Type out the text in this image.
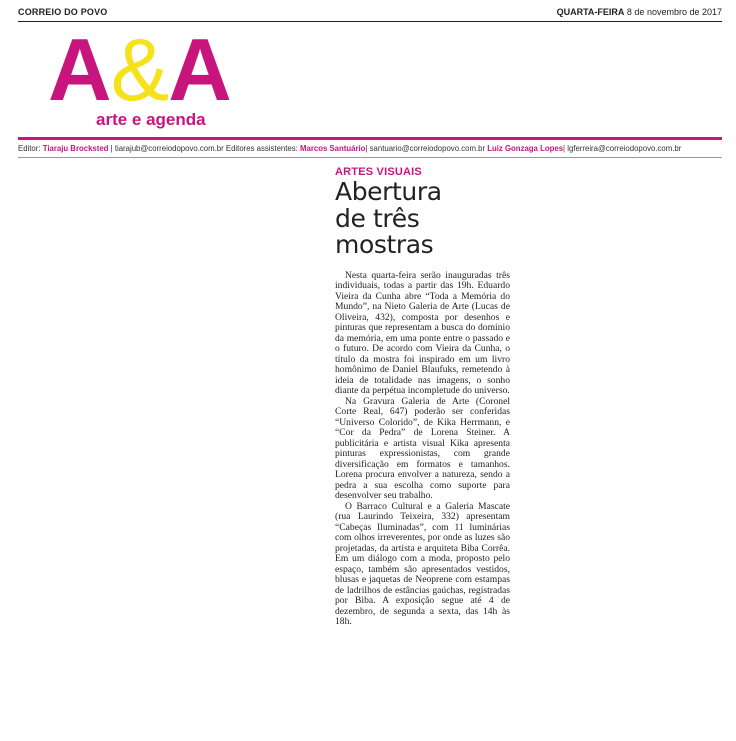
CORREIO DO POVO	QUARTA-FEIRA 8 de novembro de 2017
A&A
arte e agenda
Editor: Tiaraju Brocksted | tiarajub@correiodopovo.com.br Editores assistentes: Marcos Santuário| santuario@correiodopovo.com.br Luiz Gonzaga Lopes| lgferreira@correiodopovo.com.br
ARTES VISUAIS
Abertura
de três
mostras

Nesta quarta-feira serão inauguradas três individuais, todas a partir das 19h. Eduardo Vieira da Cunha abre “Toda a Memória do Mundo”, na Nieto Galeria de Arte (Lucas de Oliveira, 432), composta por desenhos e pinturas que representam a busca do domínio da memória, em uma ponte entre o passado e o futuro. De acordo com Vieira da Cunha, o título da mostra foi inspirado em um livro homônimo de Daniel Blaufuks, remetendo à ideia de totalidade nas imagens, o sonho diante da perpétua incompletude do universo.

Na Gravura Galeria de Arte (Coronel Corte Real, 647) poderão ser conferidas “Universo Colorido”, de Kika Herrmann, e “Cor da Pedra” de Lorena Steiner. A publicitária e artista visual Kika apresenta pinturas expressionistas, com grande diversificação em formatos e tamanhos. Lorena procura envolver a natureza, sendo a pedra a sua escolha como suporte para desenvolver seu trabalho.

O Barraco Cultural e a Galeria Mascate (rua Laurindo Teixeira, 332) apresentam “Cabeças Iluminadas”, com 11 luminárias com olhos irreverentes, por onde as luzes são projetadas, da artista e arquiteta Biba Corrêa. Em um diálogo com a moda, proposto pelo espaço, também são apresentados vestidos, blusas e jaquetas de Neoprene com estampas de ladrilhos de estâncias gaúchas, registradas por Biba. A exposição segue até 4 de dezembro, de segunda a sexta, das 14h às 18h.
